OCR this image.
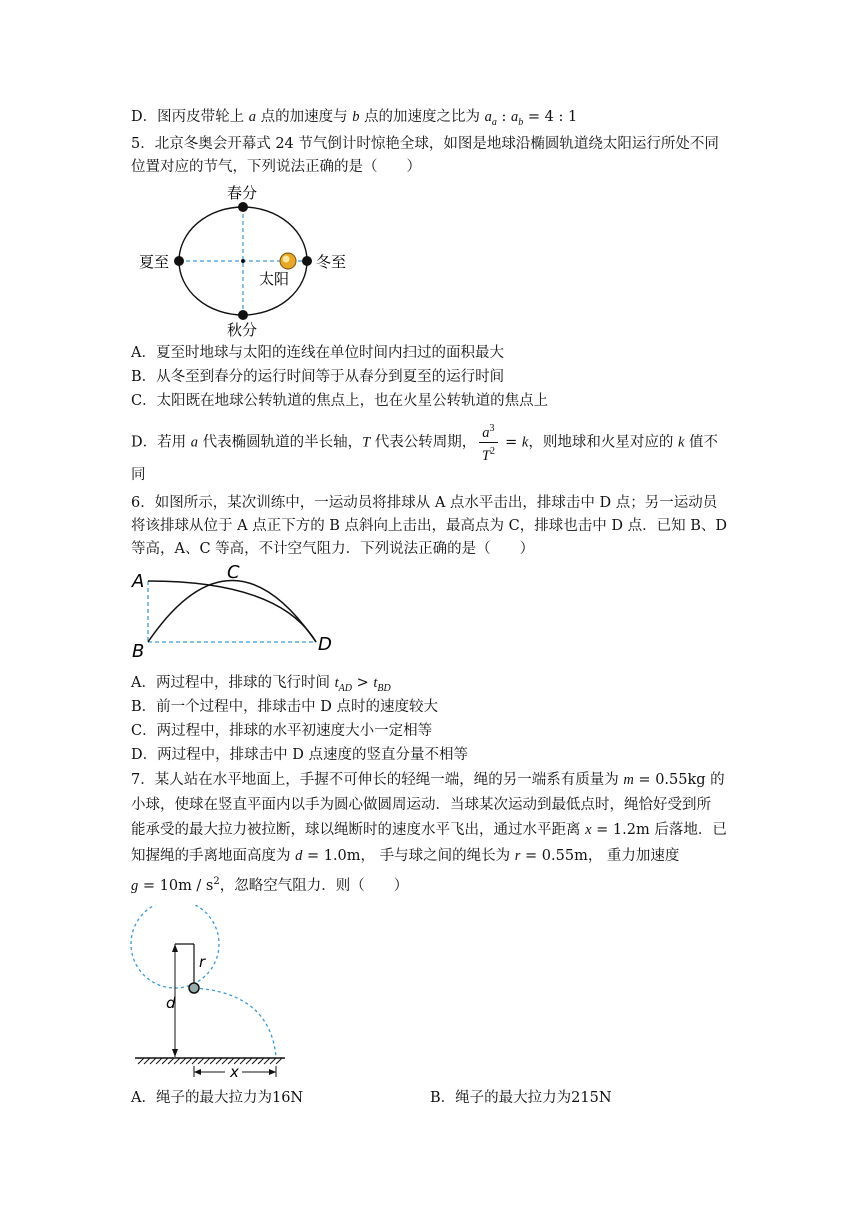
D．图丙皮带轮上 a 点的加速度与 b 点的加速度之比为 $a_a$ : $a_b = 4$ : 1
5．北京冬奥会开幕式 24 节气倒计时惊艳全球，如图是地球沿椭圆轨道绕太阳运行所处不同
位置对应的节气，下列说法正确的是（　　）
春分
秋分
夏至	冬至
太阳
A．夏至时地球与太阳的连线在单位时间内扫过的面积最大
B．从冬至到春分的运行时间等于从春分到夏至的运行时间
C．太阳既在地球公转轨道的焦点上，也在火星公转轨道的焦点上
D．若用 a 代表椭圆轨道的半长轴，T 代表公转周期， $\frac{a^3}{T^2} = k$，则地球和火星对应的 k 值不
同
6．如图所示，某次训练中，一运动员将排球从 A 点水平击出，排球击中 D 点；另一运动员
将该排球从位于 A 点正下方的 B 点斜向上击出，最高点为 C，排球也击中 D 点．已知 B、D
等高，A、C 等高，不计空气阻力．下列说法正确的是（　　）
A
B
C
D
A．两过程中，排球的飞行时间 $t_{AD} > t_{BD}$
B．前一个过程中，排球击中 D 点时的速度较大
C．两过程中，排球的水平初速度大小一定相等
D．两过程中，排球击中 D 点速度的竖直分量不相等
7．某人站在水平地面上，手握不可伸长的轻绳一端，绳的另一端系有质量为 m = 0.55kg 的
小球，使球在竖直平面内以手为圆心做圆周运动．当球某次运动到最低点时，绳恰好受到所
能承受的最大拉力被拉断，球以绳断时的速度水平飞出，通过水平距离 x = 1.2m 后落地．已
知握绳的手离地面高度为 d = 1.0m， 手与球之间的绳长为 r = 0.55m， 重力加速度
$g = 10m / s^2$，忽略空气阻力．则（　　）
r
d
x
A．绳子的最大拉力为16N	B．绳子的最大拉力为215N
